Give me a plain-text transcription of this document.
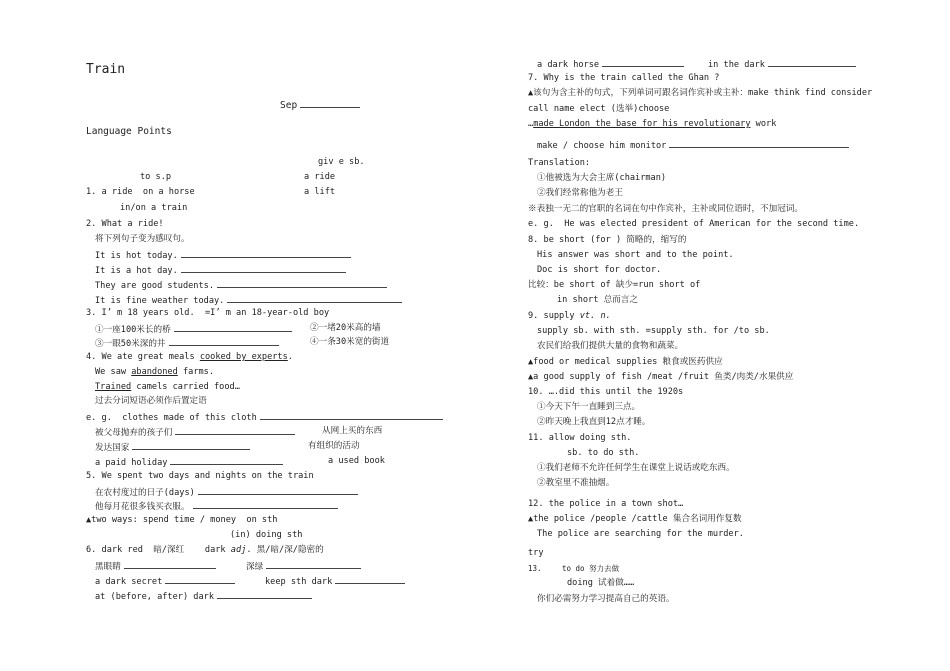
Train
Sep
Language Points
giv e sb.
to s.p	a ride
1. a ride  on a horse	a lift
in/on a train
2. What a ride!
将下列句子变为感叹句。
It is hot today.
It is a hot day.
They are good students.
It is fine weather today.
3. I’ m 18 years old.  =I’ m an 18-year-old boy
①一座100米长的桥	②一堵20米高的墙
③一眼50米深的井	④一条30米宽的街道
4. We ate great meals cooked by experts.
We saw abandoned farms.
Trained camels carried food…
过去分词短语必须作后置定语
e. g.  clothes made of this cloth
被父母抛弃的孩子们	从网上买的东西
发达国家	有组织的活动
a paid holiday	a used book
5. We spent two days and nights on the train
在农村度过的日子(days)
他每月花很多钱买衣服。
▲two ways: spend time / money  on sth
(in) doing sth
6. dark red  暗/深红    dark adj. 黑/暗/深/隐密的
黑眼睛	深绿
a dark secret	keep sth dark
at (before, after) dark
a dark horse	in the dark
7. Why is the train called the Ghan ?
▲该句为含主补的句式，下列单词可跟名词作宾补或主补：make think find consider
call name elect (选举)choose
…made London the base for his revolutionary work
make / choose him monitor
Translation:
①他被选为大会主席(chairman)
②我们经常称他为老王
※表独一无二的官职的名词在句中作宾补，主补或同位语时，不加冠词。
e. g.  He was elected president of American for the second time.
8. be short (for ) 简略的，缩写的
His answer was short and to the point.
Doc is short for doctor.
比较：be short of 缺少=run short of
in short 总而言之
9. supply vt. n.
supply sb. with sth. =supply sth. for /to sb.
农民们给我们提供大量的食物和蔬菜。
▲food or medical supplies 粮食或医药供应
▲a good supply of fish /meat /fruit 鱼类/肉类/水果供应
10. ….did this until the 1920s
①今天下午一直睡到三点。
②昨天晚上我直到12点才睡。
11. allow doing sth.
sb. to do sth.
①我们老师不允许任何学生在课堂上说话或吃东西。
②教室里不准抽烟。
12. the police in a town shot…
▲the police /people /cattle 集合名词用作复数
The police are searching for the murder.
try
13.	to do 努力去做
doing 试着做……
你们必需努力学习提高自己的英语。
